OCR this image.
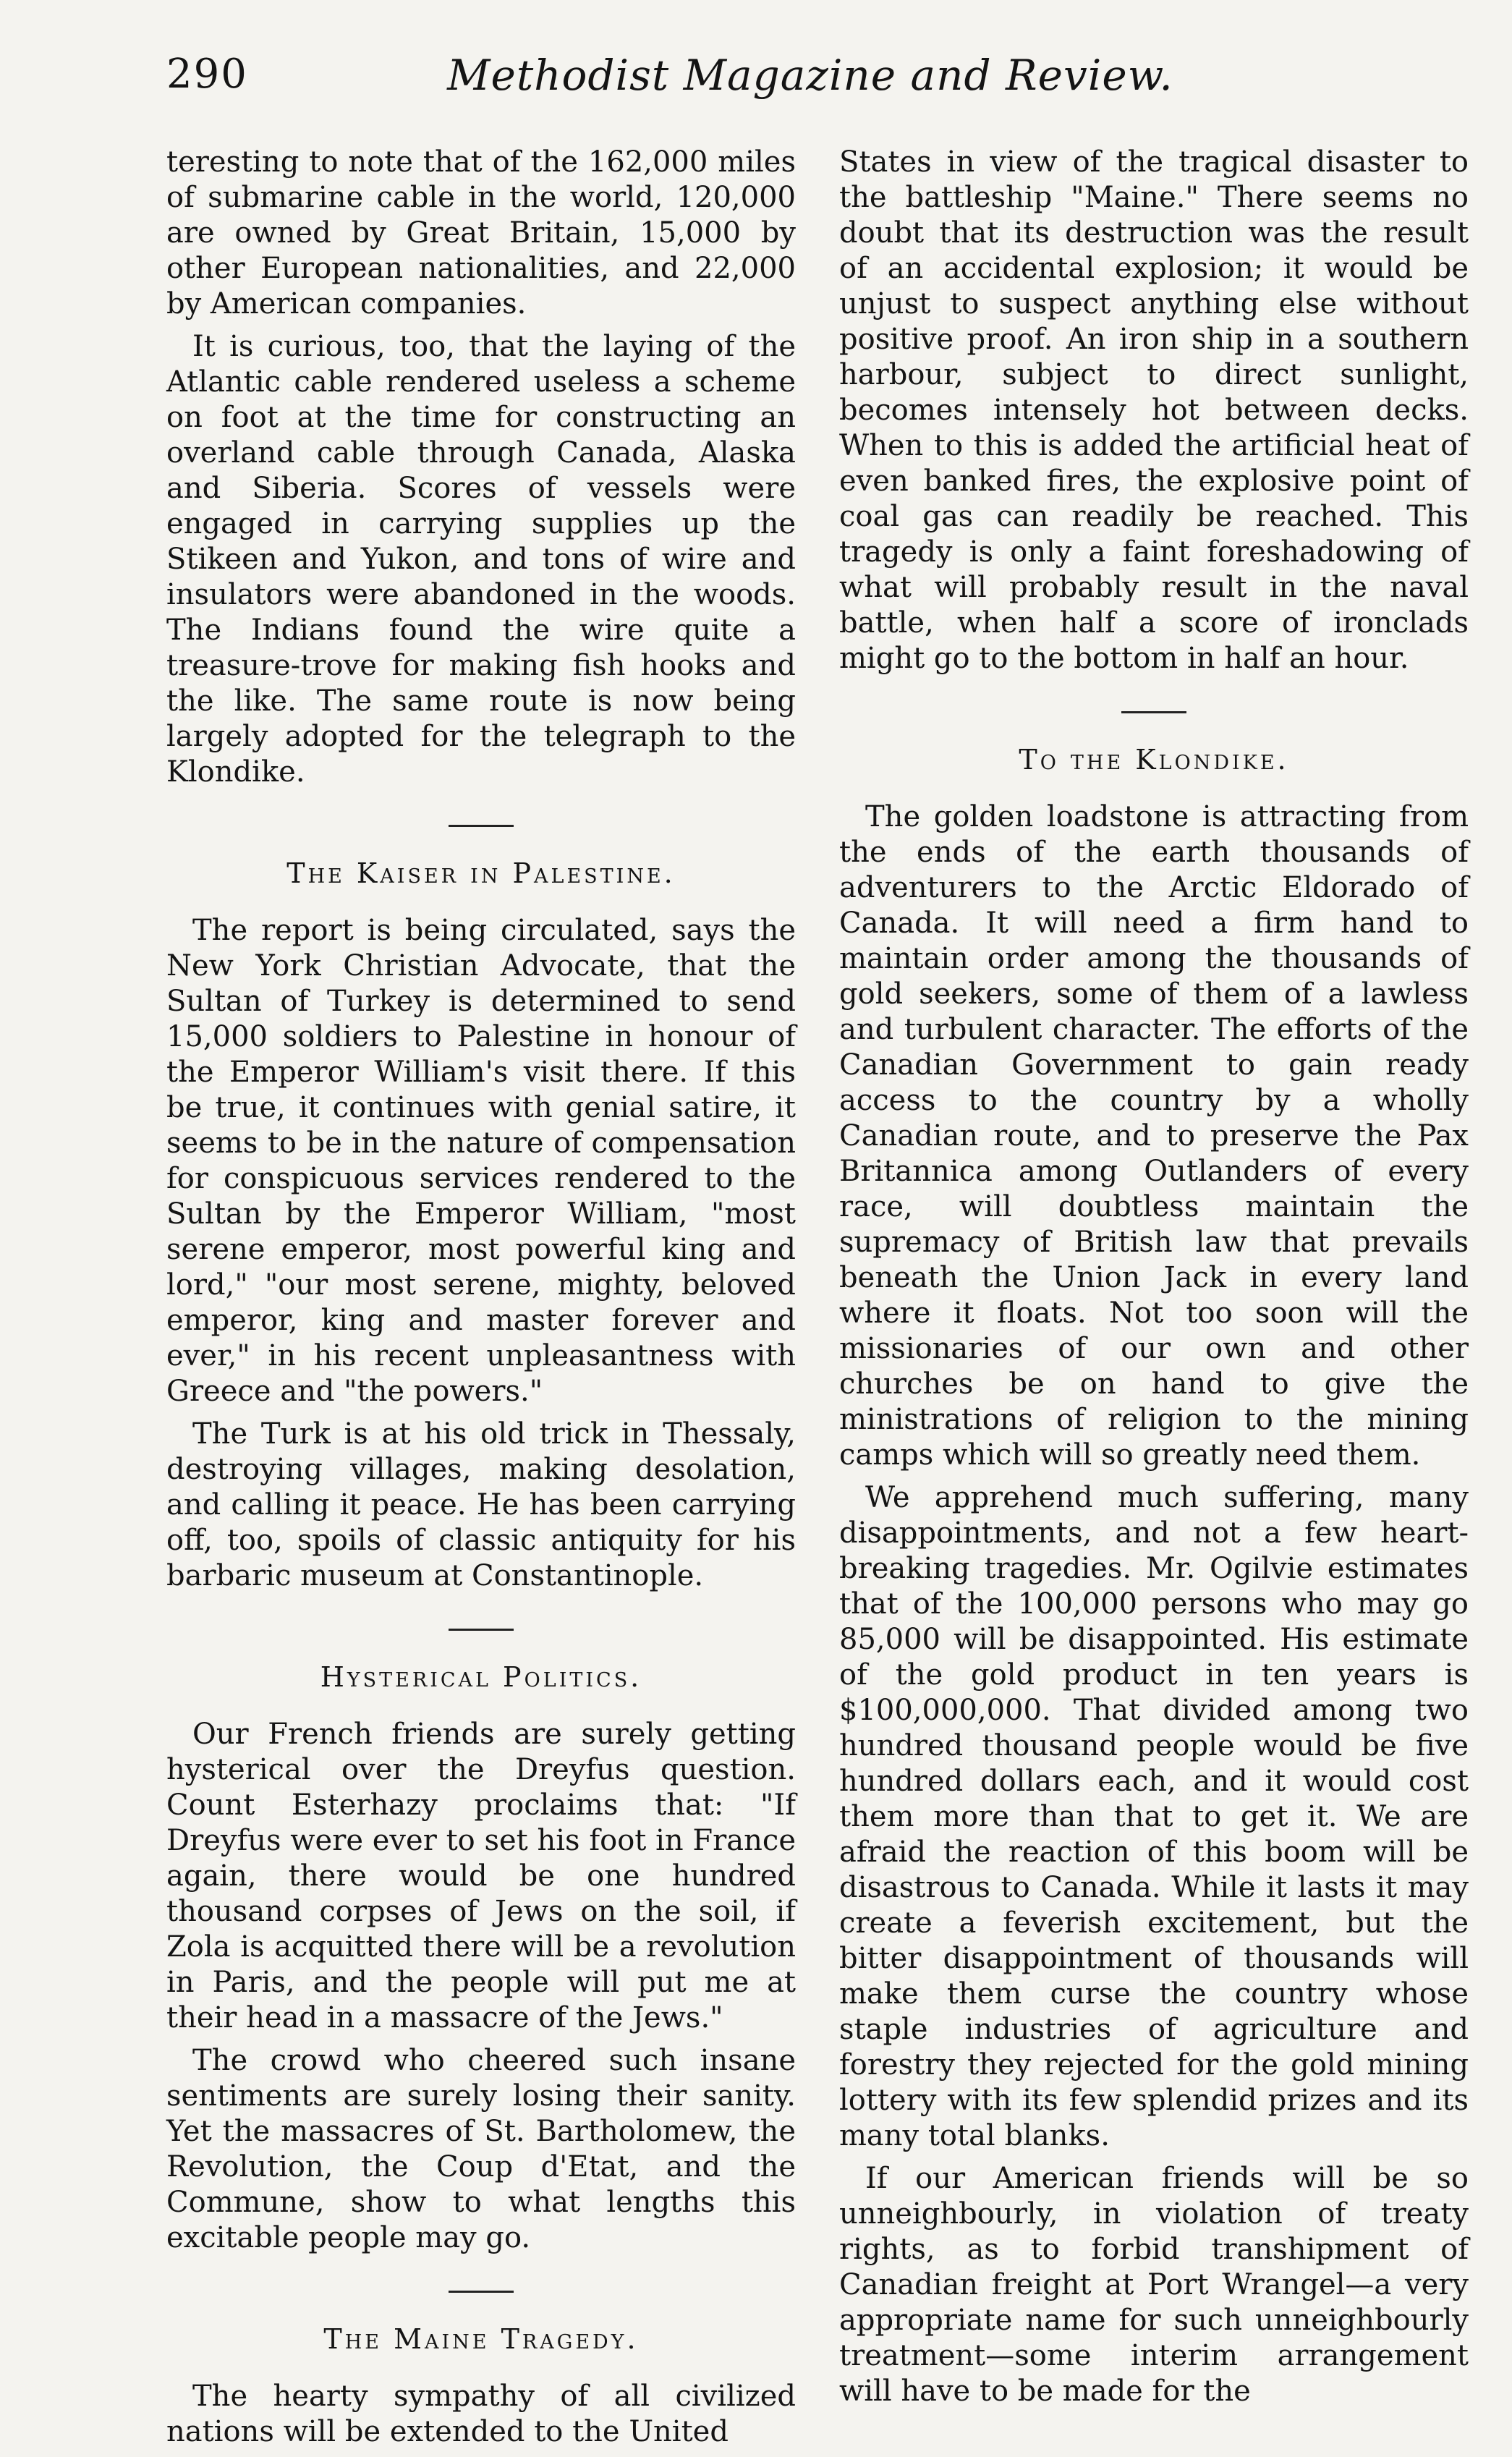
290	Methodist Magazine and Review.

teresting to note that of the 162,000 miles of submarine cable in the world, 120,000 are owned by Great Britain, 15,000 by other European nationalities, and 22,000 by American companies.

It is curious, too, that the laying of the Atlantic cable rendered useless a scheme on foot at the time for constructing an overland cable through Canada, Alaska and Siberia. Scores of vessels were engaged in carrying supplies up the Stikeen and Yukon, and tons of wire and insulators were abandoned in the woods. The Indians found the wire quite a treasure-trove for making fish hooks and the like. The same route is now being largely adopted for the telegraph to the Klondike.

The Kaiser in Palestine.

The report is being circulated, says the New York Christian Advocate, that the Sultan of Turkey is determined to send 15,000 soldiers to Palestine in honour of the Emperor William's visit there. If this be true, it continues with genial satire, it seems to be in the nature of compensation for conspicuous services rendered to the Sultan by the Emperor William, "most serene emperor, most powerful king and lord," "our most serene, mighty, beloved emperor, king and master forever and ever," in his recent unpleasantness with Greece and "the powers."

The Turk is at his old trick in Thessaly, destroying villages, making desolation, and calling it peace. He has been carrying off, too, spoils of classic antiquity for his barbaric museum at Constantinople.

Hysterical Politics.

Our French friends are surely getting hysterical over the Dreyfus question. Count Esterhazy proclaims that: "If Dreyfus were ever to set his foot in France again, there would be one hundred thousand corpses of Jews on the soil, if Zola is acquitted there will be a revolution in Paris, and the people will put me at their head in a massacre of the Jews."

The crowd who cheered such insane sentiments are surely losing their sanity. Yet the massacres of St. Bartholomew, the Revolution, the Coup d'Etat, and the Commune, show to what lengths this excitable people may go.

The Maine Tragedy.

The hearty sympathy of all civilized nations will be extended to the United

States in view of the tragical disaster to the battleship "Maine." There seems no doubt that its destruction was the result of an accidental explosion; it would be unjust to suspect anything else without positive proof. An iron ship in a southern harbour, subject to direct sunlight, becomes intensely hot between decks. When to this is added the artificial heat of even banked fires, the explosive point of coal gas can readily be reached. This tragedy is only a faint foreshadowing of what will probably result in the naval battle, when half a score of ironclads might go to the bottom in half an hour.

To the Klondike.

The golden loadstone is attracting from the ends of the earth thousands of adventurers to the Arctic Eldorado of Canada. It will need a firm hand to maintain order among the thousands of gold seekers, some of them of a lawless and turbulent character. The efforts of the Canadian Government to gain ready access to the country by a wholly Canadian route, and to preserve the Pax Britannica among Outlanders of every race, will doubtless maintain the supremacy of British law that prevails beneath the Union Jack in every land where it floats. Not too soon will the missionaries of our own and other churches be on hand to give the ministrations of religion to the mining camps which will so greatly need them.

We apprehend much suffering, many disappointments, and not a few heart-breaking tragedies. Mr. Ogilvie estimates that of the 100,000 persons who may go 85,000 will be disappointed. His estimate of the gold product in ten years is $100,000,000. That divided among two hundred thousand people would be five hundred dollars each, and it would cost them more than that to get it. We are afraid the reaction of this boom will be disastrous to Canada. While it lasts it may create a feverish excitement, but the bitter disappointment of thousands will make them curse the country whose staple industries of agriculture and forestry they rejected for the gold mining lottery with its few splendid prizes and its many total blanks.

If our American friends will be so unneighbourly, in violation of treaty rights, as to forbid transhipment of Canadian freight at Port Wrangel—a very appropriate name for such unneighbourly treatment—some interim arrangement will have to be made for the
